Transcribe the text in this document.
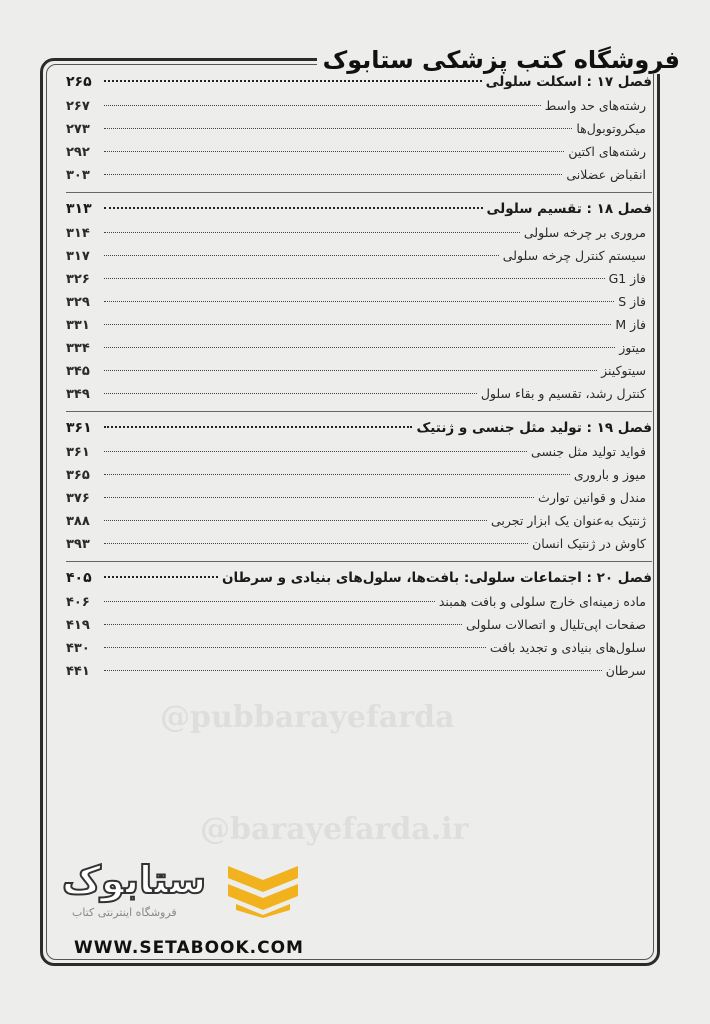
فروشگاه کتب پزشکی ستابوک
@pubbarayefarda
@barayefarda.ir
فصل ۱۷ : اسکلت سلولی
۲۶۵
رشته‌های حد واسط
۲۶۷
میکروتوبول‌ها
۲۷۳
رشته‌های اکتین
۲۹۲
انقباض عضلانی
۳۰۳
فصل ۱۸ : تقسیم سلولی
۳۱۳
مروری بر چرخه سلولی
۳۱۴
سیستم کنترل چرخه سلولی
۳۱۷
فاز G1
۳۲۶
فاز S
۳۲۹
فاز M
۳۳۱
میتوز
۳۳۴
سیتوکینز
۳۴۵
کنترل رشد، تقسیم و بقاء سلول
۳۴۹
فصل ۱۹ : تولید مثل جنسی و ژنتیک
۳۶۱
فواید تولید مثل جنسی
۳۶۱
میوز و باروری
۳۶۵
مندل و قوانین توارث
۳۷۶
ژنتیک به‌عنوان یک ابزار تجربی
۳۸۸
کاوش در ژنتیک انسان
۳۹۳
فصل ۲۰ : اجتماعات سلولی: بافت‌ها، سلول‌های بنیادی و سرطان
۴۰۵
ماده زمینه‌ای خارج سلولی و بافت همبند
۴۰۶
صفحات اپی‌تلیال و اتصالات سلولی
۴۱۹
سلول‌های بنیادی و تجدید بافت
۴۳۰
سرطان
۴۴۱
ستابوک
فروشگاه اینترنتی کتاب
WWW.SETABOOK.COM
